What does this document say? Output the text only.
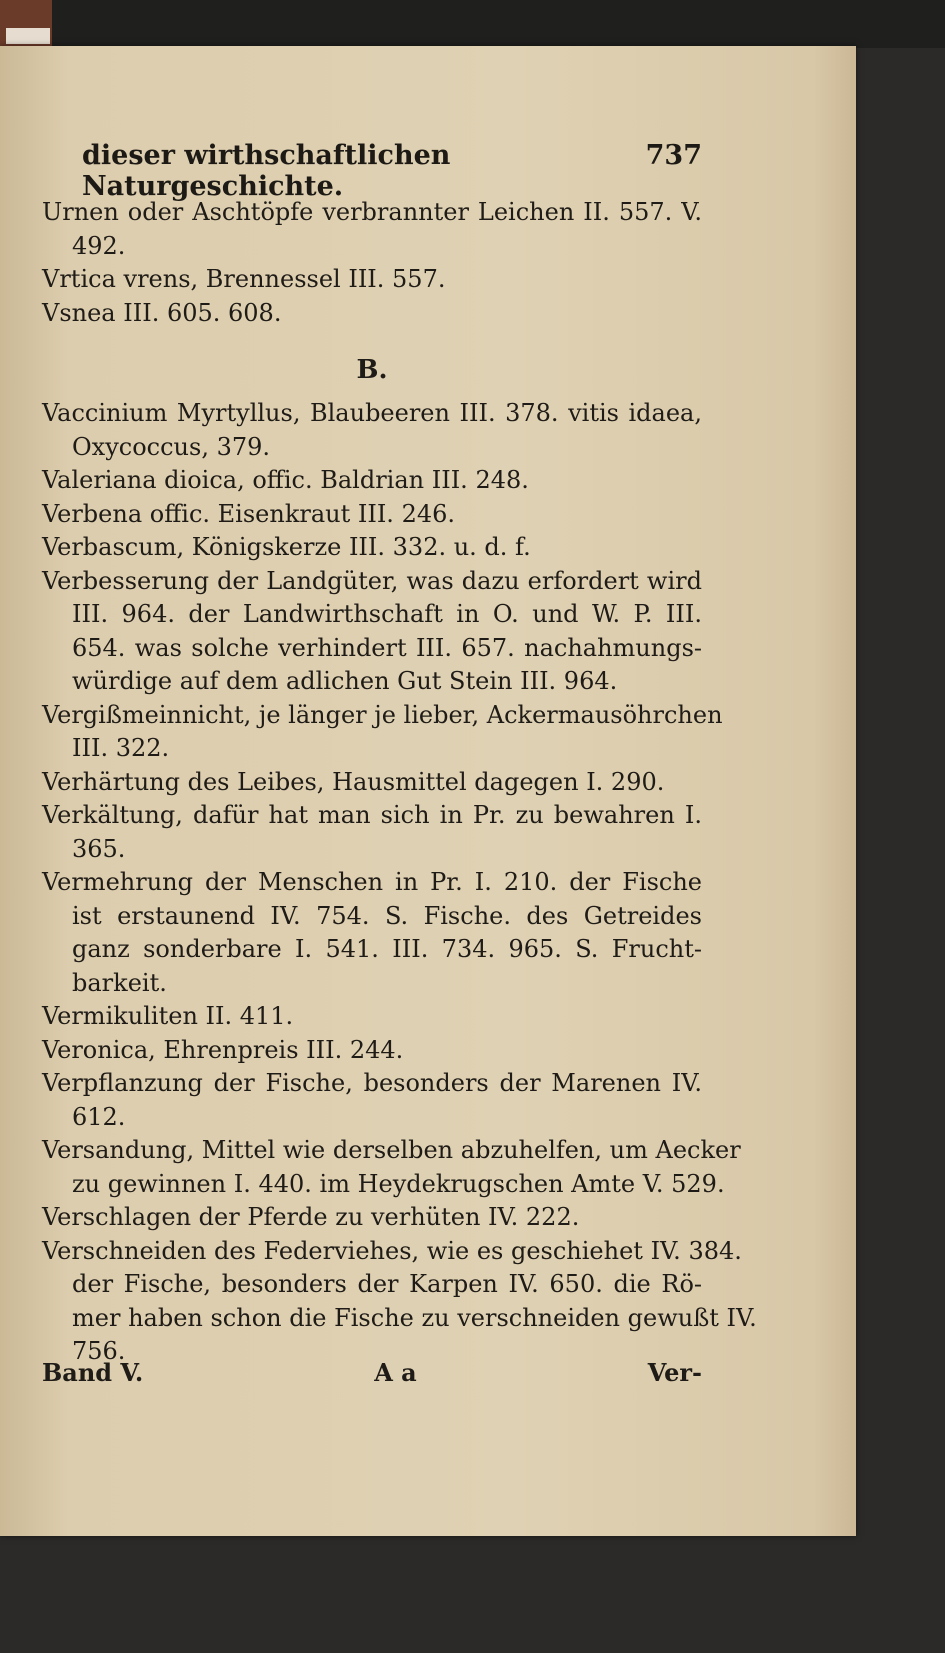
dieser wirthschaftlichen Naturgeschichte.
737
Urnen oder Aschtöpfe verbrannter Leichen II. 557. V.
492.
Vrtica vrens, Brennessel III. 557.
Vsnea III. 605. 608.
B.
Vaccinium Myrtyllus, Blaubeeren III. 378. vitis idaea,
Oxycoccus, 379.
Valeriana dioica, offic. Baldrian III. 248.
Verbena offic. Eisenkraut III. 246.
Verbascum, Königskerze III. 332. u. d. f.
Verbesserung der Landgüter, was dazu erfordert wird
III. 964. der Landwirthschaft in O. und W. P. III.
654. was solche verhindert III. 657. nachahmungs-
würdige auf dem adlichen Gut Stein III. 964.
Vergißmeinnicht, je länger je lieber, Ackermausöhrchen
III. 322.
Verhärtung des Leibes, Hausmittel dagegen I. 290.
Verkältung, dafür hat man sich in Pr. zu bewahren I.
365.
Vermehrung der Menschen in Pr. I. 210. der Fische
ist erstaunend IV. 754. S. Fische. des Getreides
ganz sonderbare I. 541. III. 734. 965. S. Frucht-
barkeit.
Vermikuliten II. 411.
Veronica, Ehrenpreis III. 244.
Verpflanzung der Fische, besonders der Marenen IV.
612.
Versandung, Mittel wie derselben abzuhelfen, um Aecker
zu gewinnen I. 440. im Heydekrugschen Amte V. 529.
Verschlagen der Pferde zu verhüten IV. 222.
Verschneiden des Federviehes, wie es geschiehet IV. 384.
der Fische, besonders der Karpen IV. 650. die Rö-
mer haben schon die Fische zu verschneiden gewußt IV.
756.
Band V.	A a	Ver-
